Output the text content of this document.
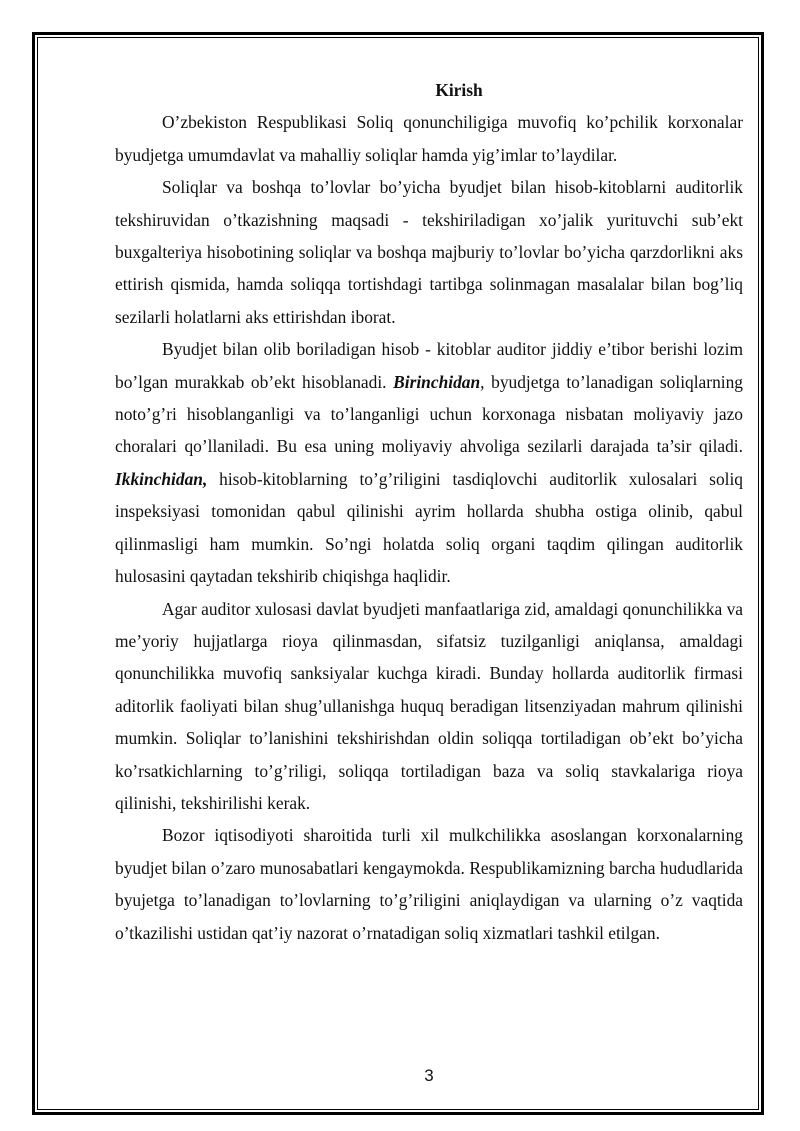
Kirish

O’zbekiston Respublikasi Soliq qonunchiligiga muvofiq ko’pchilik korxonalar byudjetga umumdavlat va mahalliy soliqlar hamda yig’imlar to’laydilar.

Soliqlar va boshqa to’lovlar bo’yicha byudjet bilan hisob-kitoblarni auditorlik tekshiruvidan o’tkazishning maqsadi - tekshiriladigan xo’jalik yurituvchi sub’ekt buxgalteriya hisobotining soliqlar va boshqa majburiy to’lovlar bo’yicha qarzdorlikni aks ettirish qismida, hamda soliqqa tortishdagi tartibga solinmagan masalalar bilan bog’liq sezilarli holatlarni aks ettirishdan iborat.

Byudjet bilan olib boriladigan hisob - kitoblar auditor jiddiy e’tibor berishi lozim bo’lgan murakkab ob’ekt hisoblanadi. Birinchidan, byudjetga to’lanadigan soliqlarning noto’g’ri hisoblanganligi va to’langanligi uchun korxonaga nisbatan moliyaviy jazo choralari qo’llaniladi. Bu esa uning moliyaviy ahvoliga sezilarli darajada ta’sir qiladi. Ikkinchidan, hisob-kitoblarning to’g’riligini tasdiqlovchi auditorlik xulosalari soliq inspeksiyasi tomonidan qabul qilinishi ayrim hollarda shubha ostiga olinib, qabul qilinmasligi ham mumkin. So’ngi holatda soliq organi taqdim qilingan auditorlik hulosasini qaytadan tekshirib chiqishga haqlidir.

Agar auditor xulosasi davlat byudjeti manfaatlariga zid, amaldagi qonunchilikka va me’yoriy hujjatlarga rioya qilinmasdan, sifatsiz tuzilganligi aniqlansa, amaldagi qonunchilikka muvofiq sanksiyalar kuchga kiradi. Bunday hollarda auditorlik firmasi aditorlik faoliyati bilan shug’ullanishga huquq beradigan litsenziyadan mahrum qilinishi mumkin. Soliqlar to’lanishini tekshirishdan oldin soliqqa tortiladigan ob’ekt bo’yicha ko’rsatkichlarning to’g’riligi, soliqqa tortiladigan baza va soliq stavkalariga rioya qilinishi, tekshirilishi kerak.

Bozor iqtisodiyoti sharoitida turli xil mulkchilikka asoslangan korxonalarning byudjet bilan o’zaro munosabatlari kengaymokda. Respublikamizning barcha hududlarida byujetga to’lanadigan to’lovlarning to’g’riligini aniqlaydigan va ularning o’z vaqtida o’tkazilishi ustidan qat’iy nazorat o’rnatadigan soliq xizmatlari tashkil etilgan.

3
